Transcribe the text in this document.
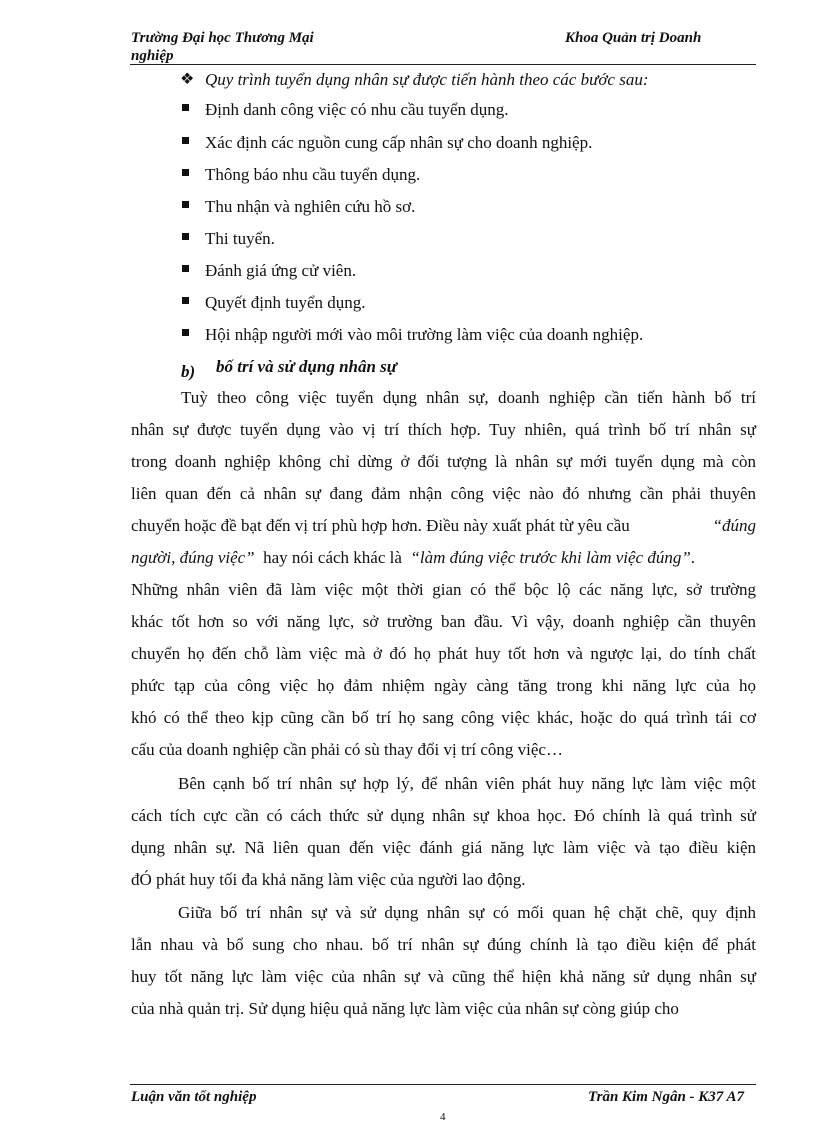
Trường Đại học Thương Mại
nghiệp
Khoa Quản trị Doanh
❖ Quy trình tuyển dụng nhân sự được tiến hành theo các bước sau:
Định danh công việc có nhu cầu tuyển dụng.
Xác định các nguồn cung cấp nhân sự cho doanh nghiệp.
Thông báo nhu cầu tuyển dụng.
Thu nhận và nghiên cứu hồ sơ.
Thi tuyển.
Đánh giá ứng cử viên.
Quyết định tuyển dụng.
Hội nhập người mới vào môi trường làm việc của doanh nghiệp.
b) bố trí và sử dụng nhân sự
Tuỳ theo công việc tuyển dụng nhân sự, doanh nghiệp cần tiến hành bố trí
nhân sự được tuyển dụng vào vị trí thích hợp. Tuy nhiên, quá trình bố trí nhân sự
trong doanh nghiệp không chỉ dừng ở đối tượng là nhân sự mới tuyển dụng mà còn
liên quan đến cả nhân sự đang đảm nhận công việc nào đó nhưng cần phải thuyên
chuyển hoặc đề bạt đến vị trí phù hợp hơn. Điều này xuất phát từ yêu cầu	“đúng
người, đúng việc” hay nói cách khác là “làm đúng việc trước khi làm việc đúng”.
Những nhân viên đã làm việc một thời gian có thể bộc lộ các năng lực, sở trường
khác tốt hơn so với năng lực, sở trường ban đầu. Vì vậy, doanh nghiệp cần thuyên
chuyển họ đến chỗ làm việc mà ở đó họ phát huy tốt hơn và ngược lại, do tính chất
phức tạp của công việc họ đảm nhiệm ngày càng tăng trong khi năng lực của họ
khó có thể theo kịp cũng cần bố trí họ sang công việc khác, hoặc do quá trình tái cơ
cấu của doanh nghiệp cần phải có sù thay đổi vị trí công việc…
Bên cạnh bố trí nhân sự hợp lý, để nhân viên phát huy năng lực làm việc một
cách tích cực cần có cách thức sử dụng nhân sự khoa học. Đó chính là quá trình sử
dụng nhân sự. Nã liên quan đến việc đánh giá năng lực làm việc và tạo điều kiện
đÓ phát huy tối đa khả năng làm việc của người lao động.
Giữa bố trí nhân sự và sử dụng nhân sự có mối quan hệ chặt chẽ, quy định
lẫn nhau và bổ sung cho nhau. bố trí nhân sự đúng chính là tạo điều kiện để phát
huy tốt năng lực làm việc của nhân sự và cũng thể hiện khả năng sử dụng nhân sự
của nhà quản trị. Sử dụng hiệu quả năng lực làm việc của nhân sự còng giúp cho
Luận văn tốt nghiệp	Trần Kim Ngân - K37 A7
4
